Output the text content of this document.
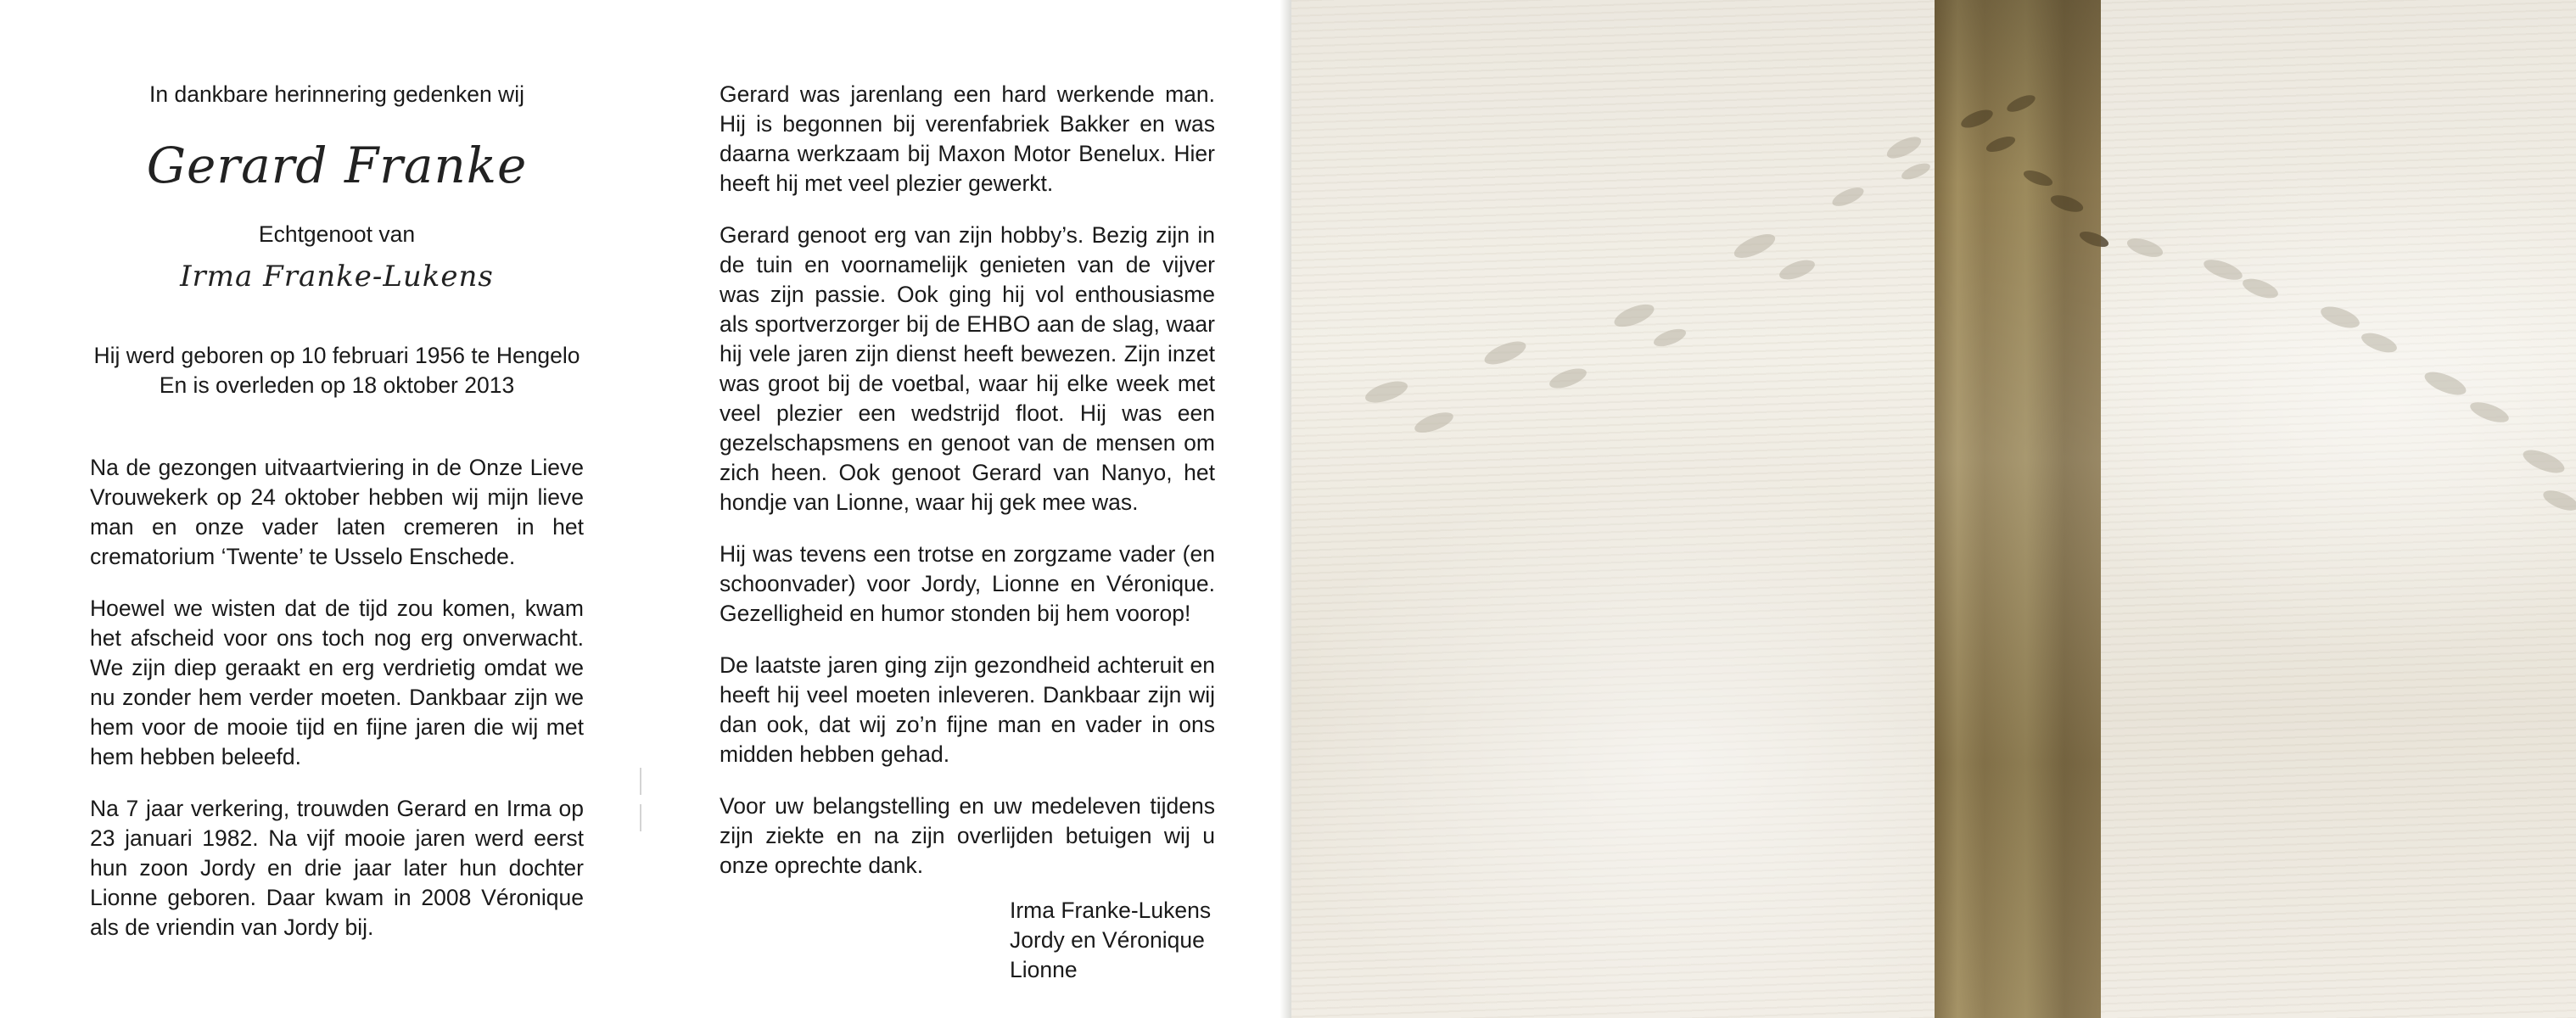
In dankbare herinnering gedenken wij
Gerard Franke
Echtgenoot van
Irma Franke-Lukens
Hij werd geboren op 10 februari 1956 te Hengelo
En is overleden op 18 oktober 2013
Na de gezongen uitvaartviering in de Onze Lieve Vrouwekerk op 24 oktober hebben wij mijn lieve man en onze vader laten cremeren in het crematorium ‘Twente’ te Usselo Enschede.
Hoewel we wisten dat de tijd zou komen, kwam het afscheid voor ons toch nog erg onverwacht. We zijn diep geraakt en erg verdrietig omdat we nu zonder hem verder moeten. Dankbaar zijn we hem voor de mooie tijd en fijne jaren die wij met hem hebben beleefd.
Na 7 jaar verkering, trouwden Gerard en Irma op 23 januari 1982. Na vijf mooie jaren werd eerst hun zoon Jordy en drie jaar later hun dochter Lionne geboren. Daar kwam in 2008 Véronique als de vriendin van Jordy bij.
Gerard was jarenlang een hard werkende man. Hij is begonnen bij verenfabriek Bakker en was daarna werkzaam bij Maxon Motor Benelux. Hier heeft hij met veel plezier gewerkt.
Gerard genoot erg van zijn hobby’s. Bezig zijn in de tuin en voornamelijk genieten van de vijver was zijn passie. Ook ging hij vol enthousiasme als sportverzorger bij de EHBO aan de slag, waar hij vele jaren zijn dienst heeft bewezen. Zijn inzet was groot bij de voetbal, waar hij elke week met veel plezier een wedstrijd floot. Hij was een gezelschapsmens en genoot van de mensen om zich heen. Ook genoot Gerard van Nanyo, het hondje van Lionne, waar hij gek mee was.
Hij was tevens een trotse en zorgzame vader (en schoonvader) voor Jordy, Lionne en Véronique. Gezelligheid en humor stonden bij hem voorop!
De laatste jaren ging zijn gezondheid achteruit en heeft hij veel moeten inleveren. Dankbaar zijn wij dan ook, dat wij zo’n fijne man en vader in ons midden hebben gehad.
Voor uw belangstelling en uw medeleven tijdens zijn ziekte en na zijn overlijden betuigen wij u onze oprechte dank.
Irma Franke-Lukens
Jordy en Véronique
Lionne
